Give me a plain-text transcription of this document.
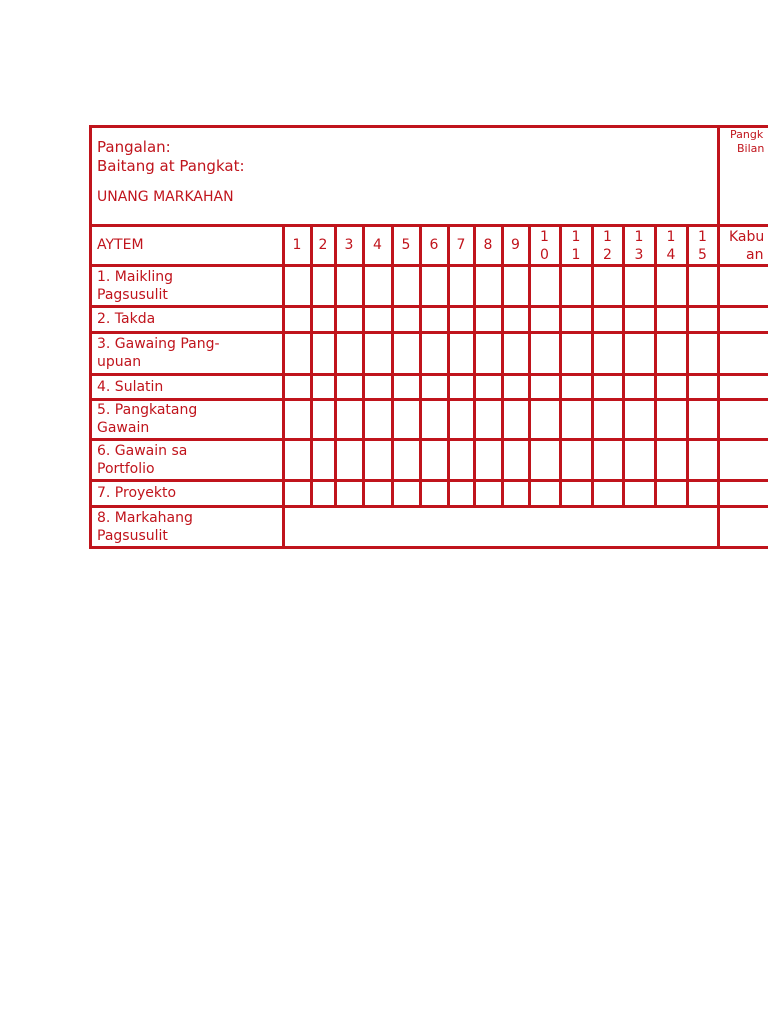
Pangalan:
Baitang at Pangkat:
UNANG MARKAHAN
Pangk
Bilan
AYTEM	Kabu
an
1 2 3 4 5 6 7 8 9 1
0
1
1
1
2
1
3
1
4
1
5
1. Maikling
Pagsusulit
2. Takda
3. Gawaing Pang-
upuan
4. Sulatin
5. Pangkatang
Gawain
6. Gawain sa
Portfolio
7. Proyekto
8. Markahang
Pagsusulit
